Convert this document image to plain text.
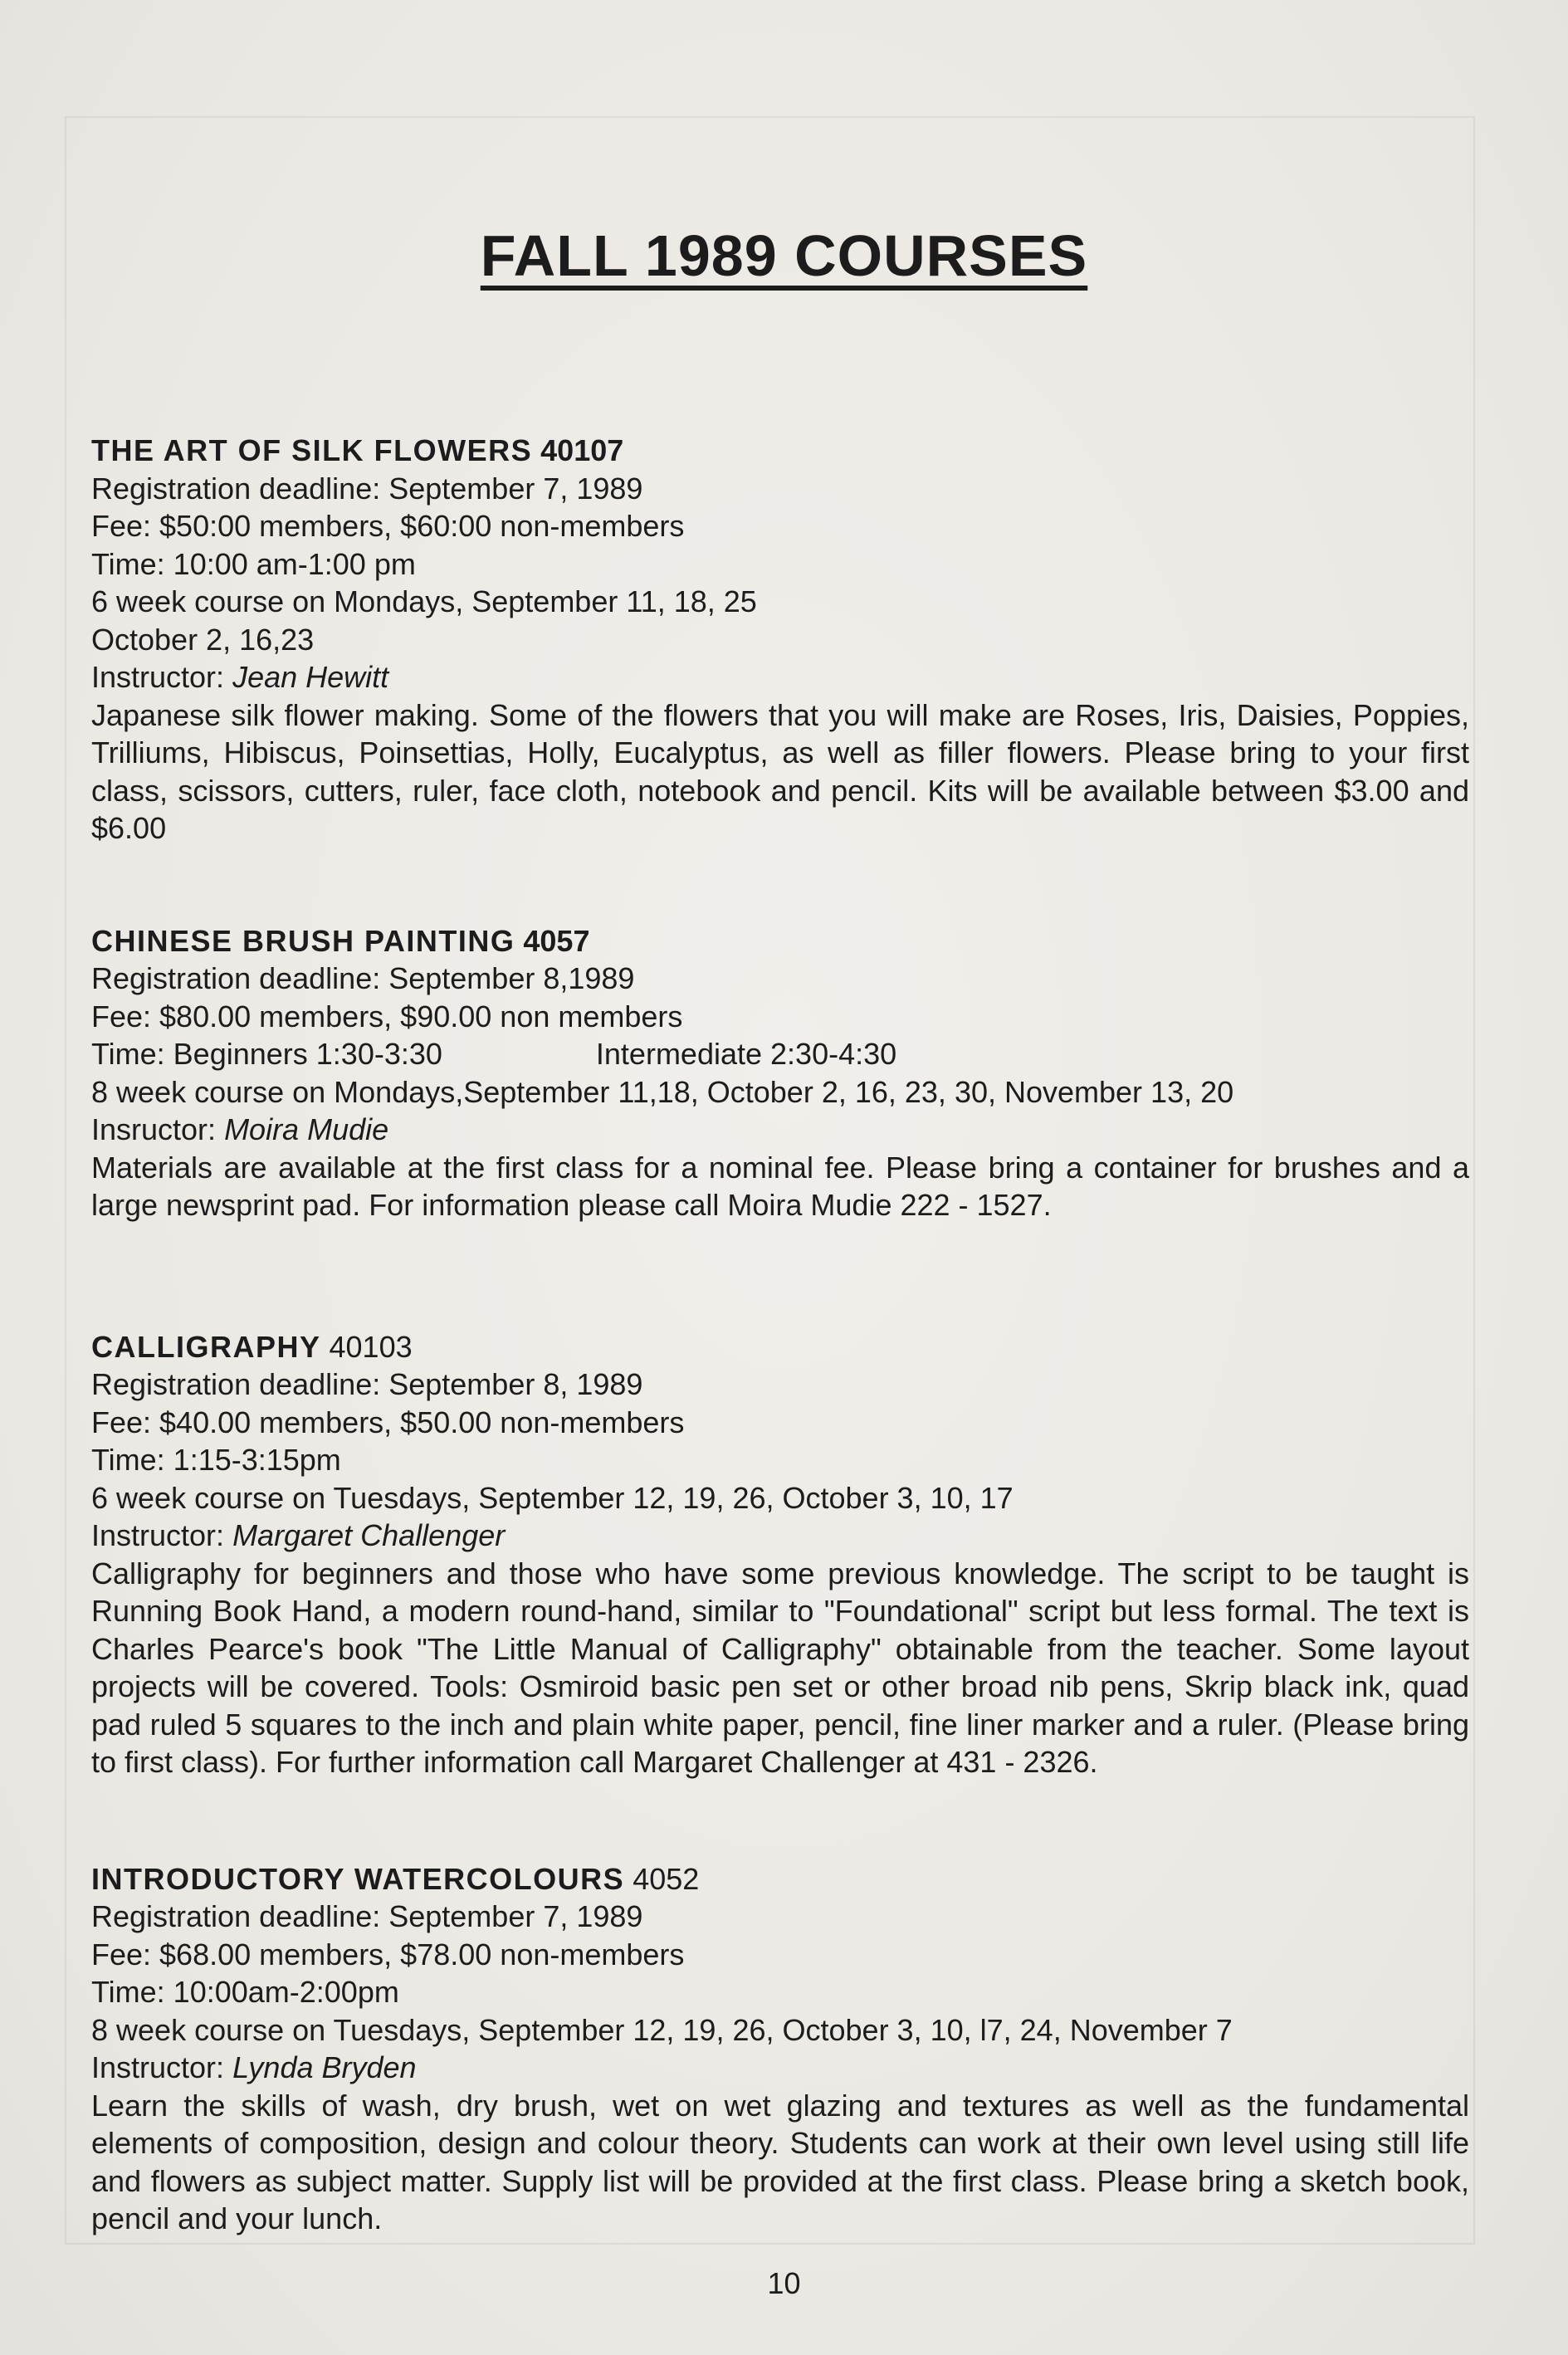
FALL 1989 COURSES
THE ART OF SILK FLOWERS 40107
Registration deadline: September 7, 1989
Fee: $50:00 members, $60:00 non-members
Time: 10:00 am-1:00 pm
6 week course on Mondays, September 11, 18, 25
October 2, 16,23
Instructor: Jean Hewitt
Japanese silk flower making. Some of the flowers that you will make are Roses, Iris, Daisies, Poppies, Trilliums, Hibiscus, Poinsettias, Holly, Eucalyptus, as well as filler flowers. Please bring to your first class, scissors, cutters, ruler, face cloth, notebook and pencil. Kits will be available between $3.00 and $6.00
CHINESE BRUSH PAINTING 4057
Registration deadline: September 8,1989
Fee: $80.00 members, $90.00 non members
Time: Beginners 1:30-3:30	Intermediate 2:30-4:30
8 week course on Mondays,September 11,18, October 2, 16, 23, 30, November 13, 20
Insructor: Moira Mudie
Materials are available at the first class for a nominal fee. Please bring a container for brushes and a large newsprint pad. For information please call Moira Mudie 222 - 1527.
CALLIGRAPHY 40103
Registration deadline: September 8, 1989
Fee: $40.00 members, $50.00 non-members
Time: 1:15-3:15pm
6 week course on Tuesdays, September 12, 19, 26, October 3, 10, 17
Instructor: Margaret Challenger
Calligraphy for beginners and those who have some previous knowledge. The script to be taught is Running Book Hand, a modern round-hand, similar to "Foundational" script but less formal. The text is Charles Pearce's book "The Little Manual of Calligraphy" obtainable from the teacher. Some layout projects will be covered. Tools: Osmiroid basic pen set or other broad nib pens, Skrip black ink, quad pad ruled 5 squares to the inch and plain white paper, pencil, fine liner marker and a ruler. (Please bring to first class). For further information call Margaret Challenger at 431 - 2326.
INTRODUCTORY WATERCOLOURS 4052
Registration deadline: September 7, 1989
Fee: $68.00 members, $78.00 non-members
Time: 10:00am-2:00pm
8 week course on Tuesdays, September 12, 19, 26, October 3, 10, l7, 24, November 7
Instructor: Lynda Bryden
Learn the skills of wash, dry brush, wet on wet glazing and textures as well as the fundamental elements of composition, design and colour theory. Students can work at their own level using still life and flowers as subject matter. Supply list will be provided at the first class. Please bring a sketch book, pencil and your lunch.
10
